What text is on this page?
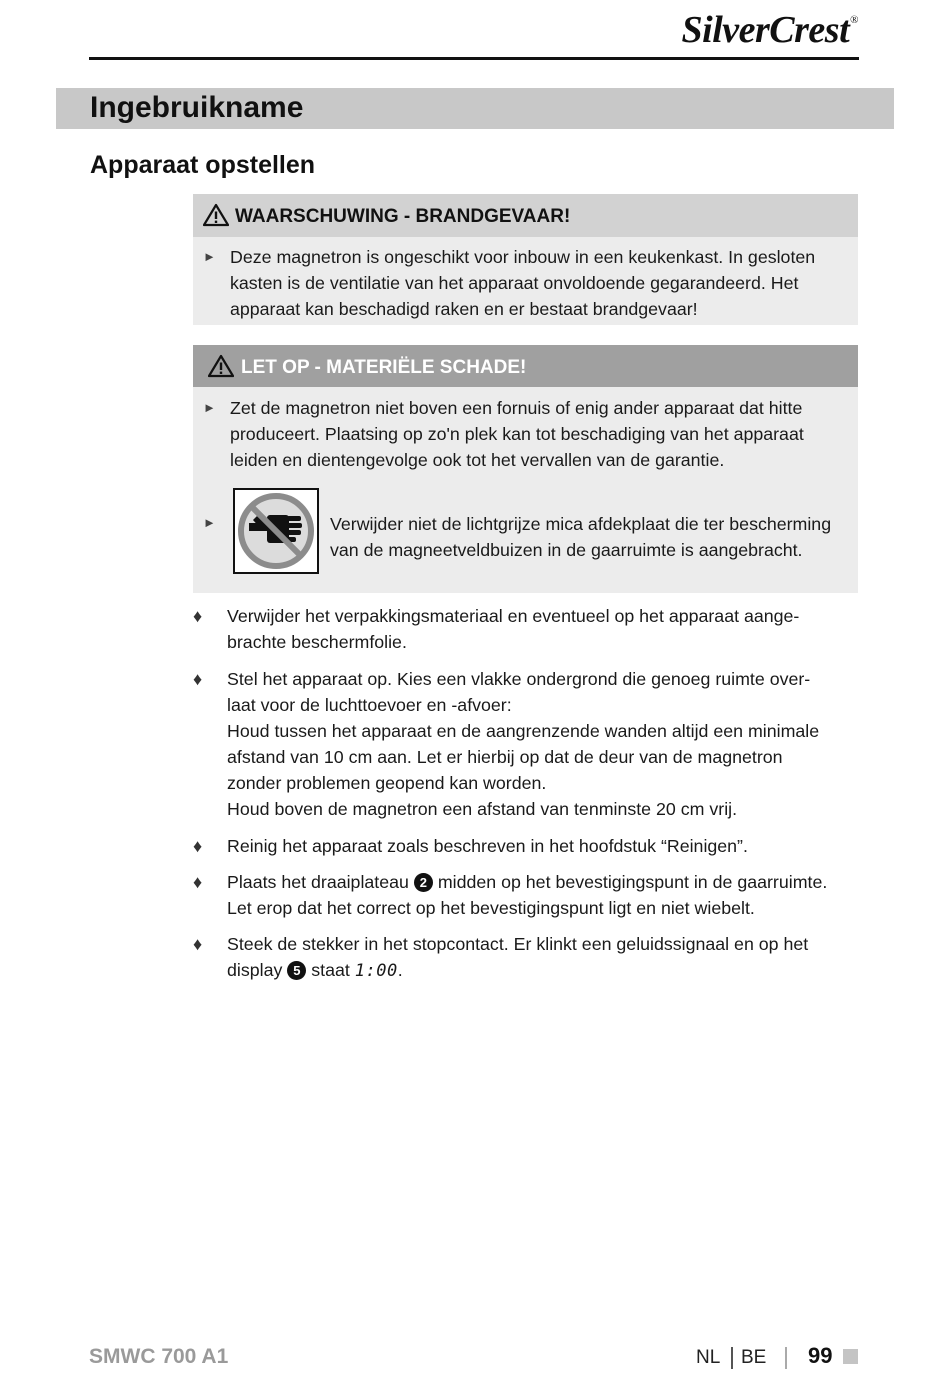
SilverCrest®
Ingebruikname
Apparaat opstellen
WAARSCHUWING - BRANDGEVAAR!
► Deze magnetron is ongeschikt voor inbouw in een keukenkast. In gesloten
kasten is de ventilatie van het apparaat onvoldoende gegarandeerd. Het
apparaat kan beschadigd raken en er bestaat brandgevaar!
LET OP - MATERIËLE SCHADE!
► Zet de magnetron niet boven een fornuis of enig ander apparaat dat hitte
produceert. Plaatsing op zo'n plek kan tot beschadiging van het apparaat
leiden en dientengevolge ook tot het vervallen van de garantie.
►	Verwijder niet de lichtgrijze mica afdekplaat die ter bescherming
van de magneetveldbuizen in de gaarruimte is aangebracht.
♦ Verwijder het verpakkingsmateriaal en eventueel op het apparaat aange-
brachte beschermfolie.
♦ Stel het apparaat op. Kies een vlakke ondergrond die genoeg ruimte over-
laat voor de luchttoevoer en -afvoer:
Houd tussen het apparaat en de aangrenzende wanden altijd een minimale
afstand van 10 cm aan. Let er hierbij op dat de deur van de magnetron
zonder problemen geopend kan worden.
Houd boven de magnetron een afstand van tenminste 20 cm vrij.
♦ Reinig het apparaat zoals beschreven in het hoofdstuk “Reinigen”.
♦ Plaats het draaiplateau 2 midden op het bevestigingspunt in de gaarruimte.
Let erop dat het correct op het bevestigingspunt ligt en niet wiebelt.
♦ Steek de stekker in het stopcontact. Er klinkt een geluidssignaal en op het
display 5 staat 1:00.
SMWC 700 A1	NL BE 99
